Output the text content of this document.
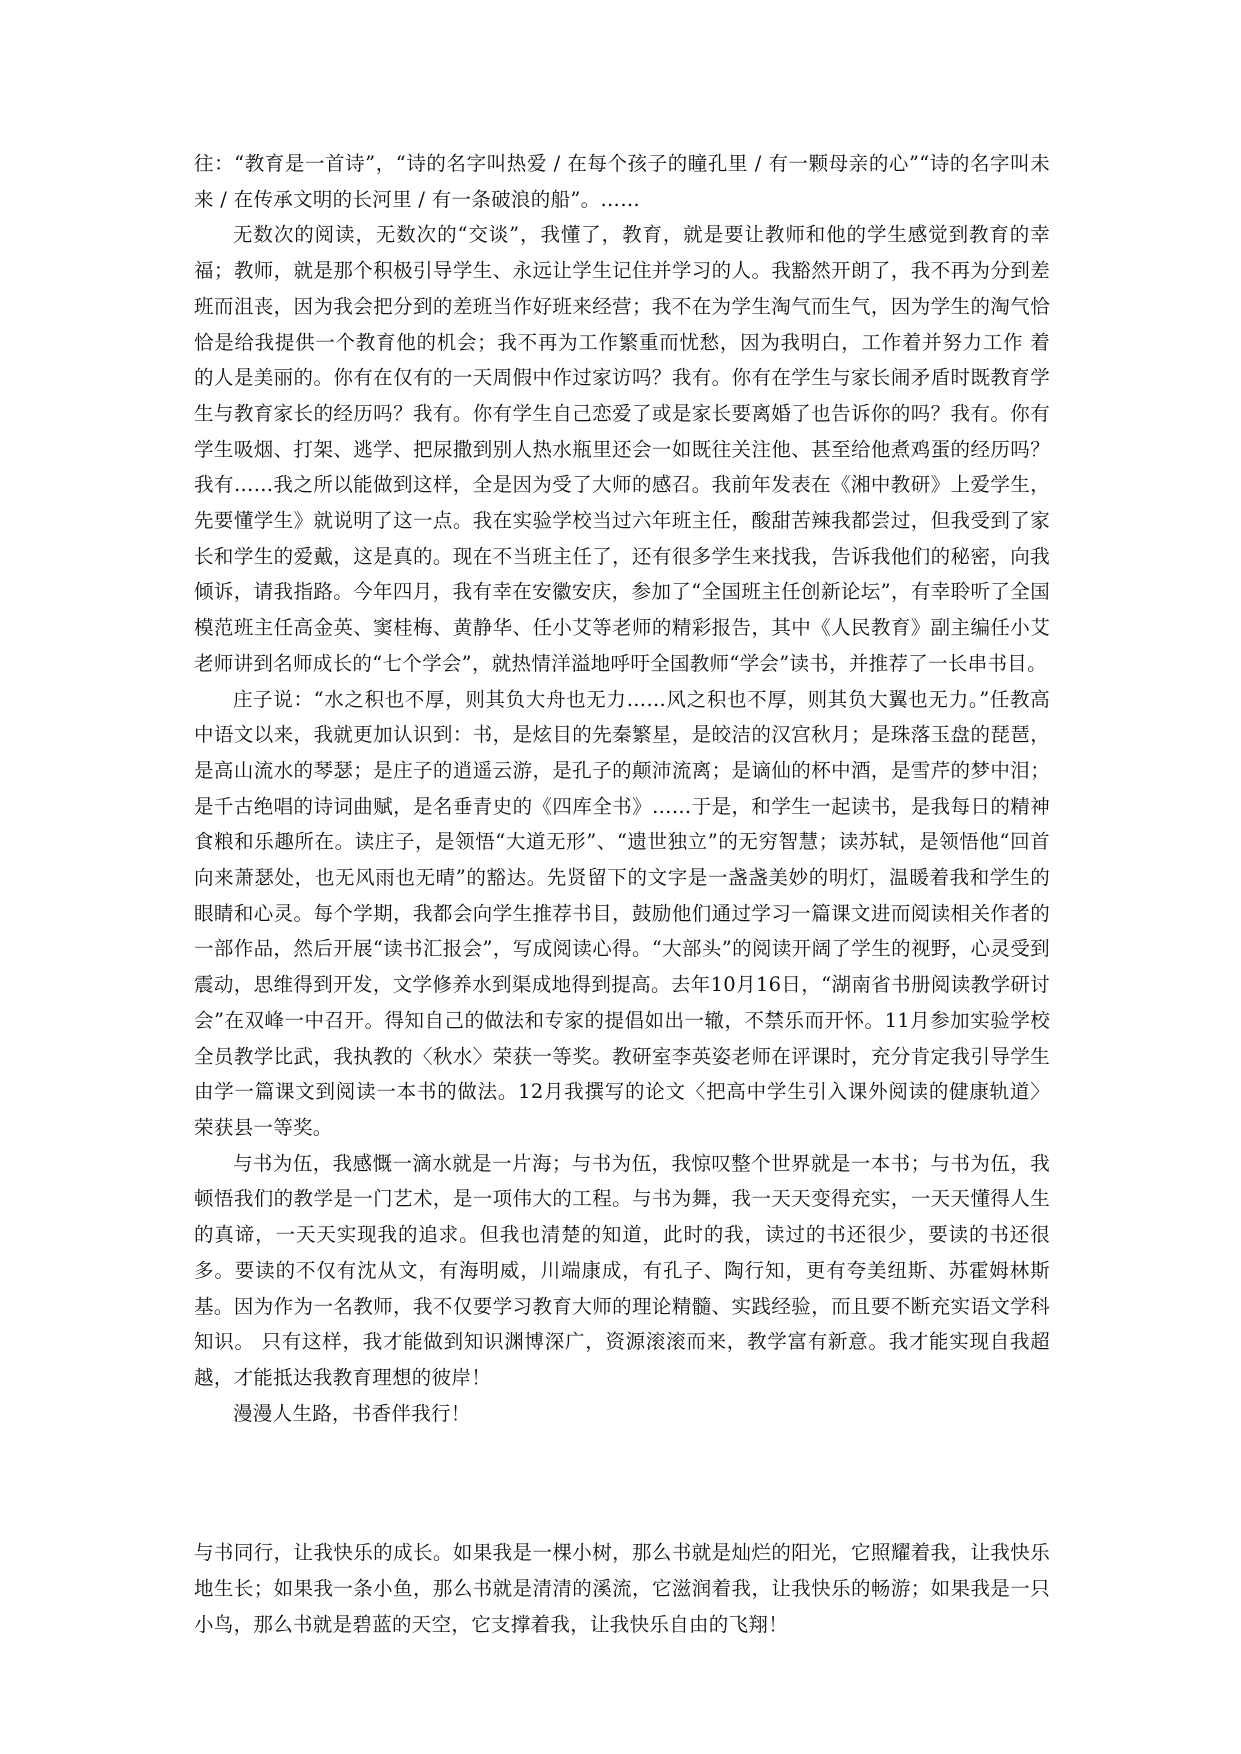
往：“教育是一首诗”，“诗的名字叫热爱 / 在每个孩子的瞳孔里 / 有一颗母亲的心”“诗的名字叫未来 / 在传承文明的长河里 / 有一条破浪的船”。……

无数次的阅读，无数次的“交谈”，我懂了，教育，就是要让教师和他的学生感觉到教育的幸福；教师，就是那个积极引导学生、永远让学生记住并学习的人。我豁然开朗了，我不再为分到差班而沮丧，因为我会把分到的差班当作好班来经营；我不在为学生淘气而生气，因为学生的淘气恰恰是给我提供一个教育他的机会；我不再为工作繁重而忧愁，因为我明白，工作着并努力工作 着的人是美丽的。你有在仅有的一天周假中作过家访吗？我有。你有在学生与家长闹矛盾时既教育学生与教育家长的经历吗？我有。你有学生自己恋爱了或是家长要离婚了也告诉你的吗？我有。你有学生吸烟、打架、逃学、把尿撒到别人热水瓶里还会一如既往关注他、甚至给他煮鸡蛋的经历吗？我有……我之所以能做到这样，全是因为受了大师的感召。我前年发表在《湘中教研》上爱学生，先要懂学生》就说明了这一点。我在实验学校当过六年班主任，酸甜苦辣我都尝过，但我受到了家长和学生的爱戴，这是真的。现在不当班主任了，还有很多学生来找我，告诉我他们的秘密，向我倾诉，请我指路。今年四月，我有幸在安徽安庆，参加了“全国班主任创新论坛”，有幸聆听了全国模范班主任高金英、窦桂梅、黄静华、任小艾等老师的精彩报告，其中《人民教育》副主编任小艾老师讲到名师成长的“七个学会”，就热情洋溢地呼吁全国教师“学会”读书，并推荐了一长串书目。

庄子说：“水之积也不厚，则其负大舟也无力……风之积也不厚，则其负大翼也无力。”任教高中语文以来，我就更加认识到：书，是炫目的先秦繁星，是皎洁的汉宫秋月；是珠落玉盘的琵琶，是高山流水的琴瑟；是庄子的逍遥云游，是孔子的颠沛流离；是谪仙的杯中酒，是雪芹的梦中泪；是千古绝唱的诗词曲赋，是名垂青史的《四库全书》……于是，和学生一起读书，是我每日的精神食粮和乐趣所在。读庄子，是领悟“大道无形”、“遗世独立”的无穷智慧；读苏轼，是领悟他“回首向来萧瑟处，也无风雨也无晴”的豁达。先贤留下的文字是一盏盏美妙的明灯，温暖着我和学生的眼睛和心灵。每个学期，我都会向学生推荐书目，鼓励他们通过学习一篇课文进而阅读相关作者的一部作品，然后开展“读书汇报会”，写成阅读心得。“大部头”的阅读开阔了学生的视野，心灵受到震动，思维得到开发，文学修养水到渠成地得到提高。去年10月16日，“湖南省书册阅读教学研讨会”在双峰一中召开。得知自己的做法和专家的提倡如出一辙，不禁乐而开怀。11月参加实验学校全员教学比武，我执教的〈秋水〉荣获一等奖。教研室李英姿老师在评课时，充分肯定我引导学生由学一篇课文到阅读一本书的做法。12月我撰写的论文〈把高中学生引入课外阅读的健康轨道〉荣获县一等奖。

与书为伍，我感慨一滴水就是一片海；与书为伍，我惊叹整个世界就是一本书；与书为伍，我顿悟我们的教学是一门艺术，是一项伟大的工程。与书为舞，我一天天变得充实，一天天懂得人生的真谛，一天天实现我的追求。但我也清楚的知道，此时的我，读过的书还很少，要读的书还很多。要读的不仅有沈从文，有海明威，川端康成，有孔子、陶行知，更有夸美纽斯、苏霍姆林斯基。因为作为一名教师，我不仅要学习教育大师的理论精髓、实践经验，而且要不断充实语文学科知识。 只有这样，我才能做到知识渊博深广，资源滚滚而来，教学富有新意。我才能实现自我超越，才能抵达我教育理想的彼岸！

漫漫人生路，书香伴我行！

与书同行，让我快乐的成长。如果我是一棵小树，那么书就是灿烂的阳光，它照耀着我，让我快乐地生长；如果我一条小鱼，那么书就是清清的溪流，它滋润着我，让我快乐的畅游；如果我是一只小鸟，那么书就是碧蓝的天空，它支撑着我，让我快乐自由的飞翔！
